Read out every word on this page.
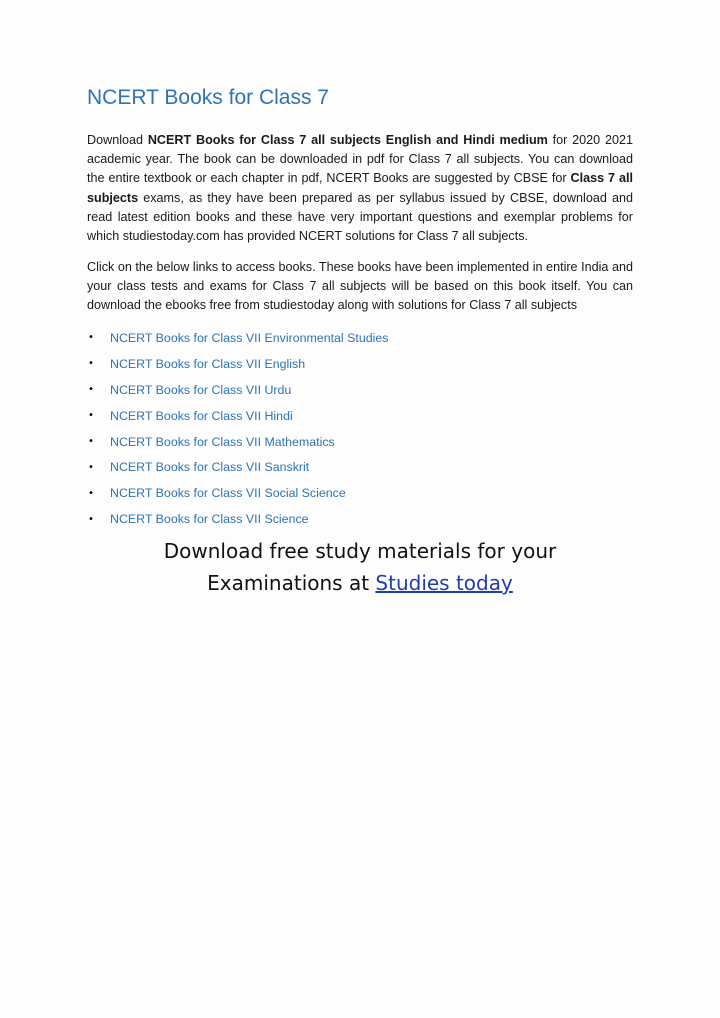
NCERT Books for Class 7

Download NCERT Books for Class 7 all subjects English and Hindi medium for 2020 2021 academic year. The book can be downloaded in pdf for Class 7 all subjects. You can download the entire textbook or each chapter in pdf, NCERT Books are suggested by CBSE for Class 7 all subjects exams, as they have been prepared as per syllabus issued by CBSE, download and read latest edition books and these have very important questions and exemplar problems for which studiestoday.com has provided NCERT solutions for Class 7 all subjects.

Click on the below links to access books. These books have been implemented in entire India and your class tests and exams for Class 7 all subjects will be based on this book itself. You can download the ebooks free from studiestoday along with solutions for Class 7 all subjects

•	NCERT Books for Class VII Environmental Studies
•	NCERT Books for Class VII English
•	NCERT Books for Class VII Urdu
•	NCERT Books for Class VII Hindi
•	NCERT Books for Class VII Mathematics
•	NCERT Books for Class VII Sanskrit
•	NCERT Books for Class VII Social Science
•	NCERT Books for Class VII Science
Download free study materials for your
Examinations at Studies today
